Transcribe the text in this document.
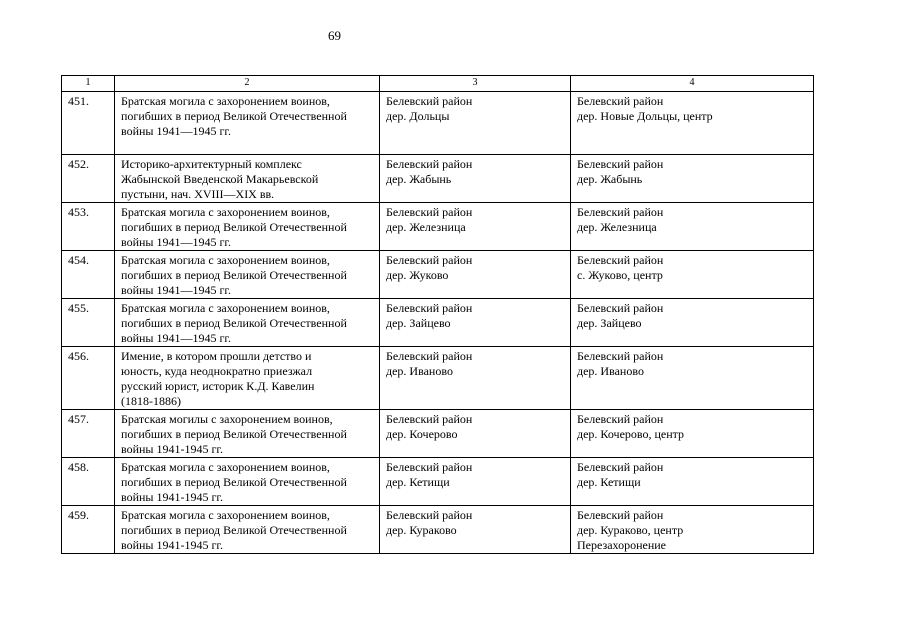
69
1	2	3	4
451.	Братская могила с захоронением воинов,
погибших в период Великой Отечественной
войны 1941—1945 гг.	Белевский район
дер. Дольцы	Белевский район
дер. Новые Дольцы, центр

452.	Историко-архитектурный комплекс
Жабынской Введенской Макарьевской
пустыни, нач. XVIII—XIX вв.	Белевский район
дер. Жабынь	Белевский район
дер. Жабынь

453.	Братская могила с захоронением воинов,
погибших в период Великой Отечественной
войны 1941—1945 гг.	Белевский район
дер. Железница	Белевский район
дер. Железница

454.	Братская могила с захоронением воинов,
погибших в период Великой Отечественной
войны 1941—1945 гг.	Белевский район
дер. Жуково	Белевский район
с. Жуково, центр

455.	Братская могила с захоронением воинов,
погибших в период Великой Отечественной
войны 1941—1945 гг.	Белевский район
дер. Зайцево	Белевский район
дер. Зайцево

456.	Имение, в котором прошли детство и
юность, куда неоднократно приезжал
русский юрист, историк К.Д. Кавелин
(1818-1886)	Белевский район
дер. Иваново	Белевский район
дер. Иваново

457.	Братская могилы с захоронением воинов,
погибших в период Великой Отечественной
войны 1941-1945 гг.	Белевский район
дер. Кочерово	Белевский район
дер. Кочерово, центр

458.	Братская могила с захоронением воинов,
погибших в период Великой Отечественной
войны 1941-1945 гг.	Белевский район
дер. Кетищи	Белевский район
дер. Кетищи

459.	Братская могила с захоронением воинов,
погибших в период Великой Отечественной
войны 1941-1945 гг.	Белевский район
дер. Кураково	Белевский район
дер. Кураково, центр
Перезахоронение
